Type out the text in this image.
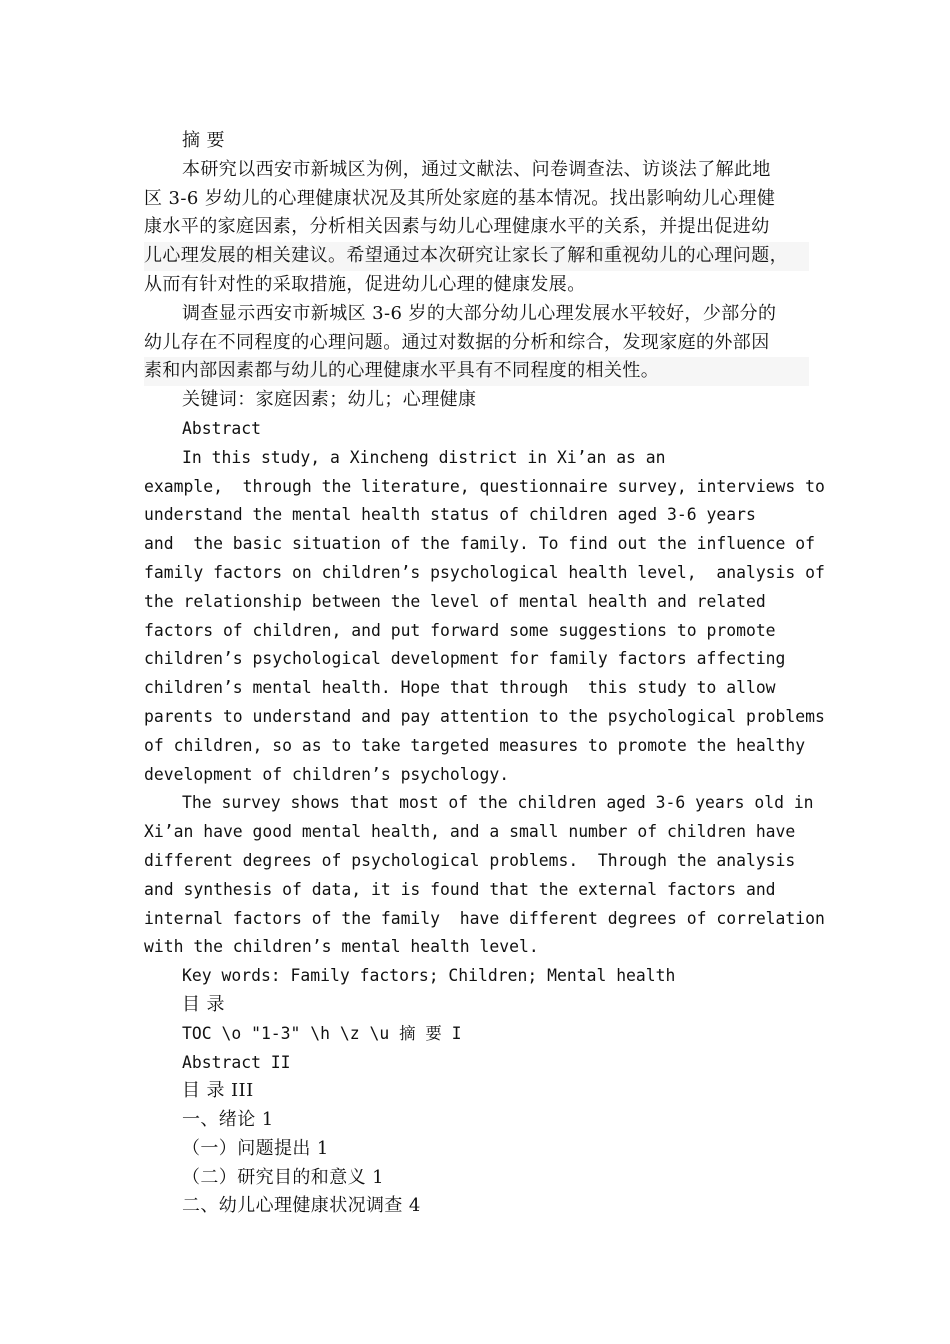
摘 要
本研究以西安市新城区为例，通过文献法、问卷调查法、访谈法了解此地
区 3-6 岁幼儿的心理健康状况及其所处家庭的基本情况。找出影响幼儿心理健
康水平的家庭因素，分析相关因素与幼儿心理健康水平的关系，并提出促进幼
儿心理发展的相关建议。希望通过本次研究让家长了解和重视幼儿的心理问题，
从而有针对性的采取措施，促进幼儿心理的健康发展。
调查显示西安市新城区 3-6 岁的大部分幼儿心理发展水平较好，少部分的
幼儿存在不同程度的心理问题。通过对数据的分析和综合，发现家庭的外部因
素和内部因素都与幼儿的心理健康水平具有不同程度的相关性。
关键词：家庭因素；幼儿；心理健康
Abstract
In this study, a Xincheng district in Xi’an as an
example,  through the literature, questionnaire survey, interviews to
understand the mental health status of children aged 3-6 years
and  the basic situation of the family. To find out the influence of
family factors on children’s psychological health level,  analysis of
the relationship between the level of mental health and related
factors of children, and put forward some suggestions to promote
children’s psychological development for family factors affecting
children’s mental health. Hope that through  this study to allow
parents to understand and pay attention to the psychological problems
of children, so as to take targeted measures to promote the healthy
development of children’s psychology.
The survey shows that most of the children aged 3-6 years old in
Xi’an have good mental health, and a small number of children have
different degrees of psychological problems.  Through the analysis
and synthesis of data, it is found that the external factors and
internal factors of the family  have different degrees of correlation
with the children’s mental health level.
Key words: Family factors; Children; Mental health
目 录
TOC \o "1-3" \h \z \u 摘 要 I
Abstract II
目 录 III
一、绪论 1
（一）问题提出 1
（二）研究目的和意义 1
二、幼儿心理健康状况调查 4
